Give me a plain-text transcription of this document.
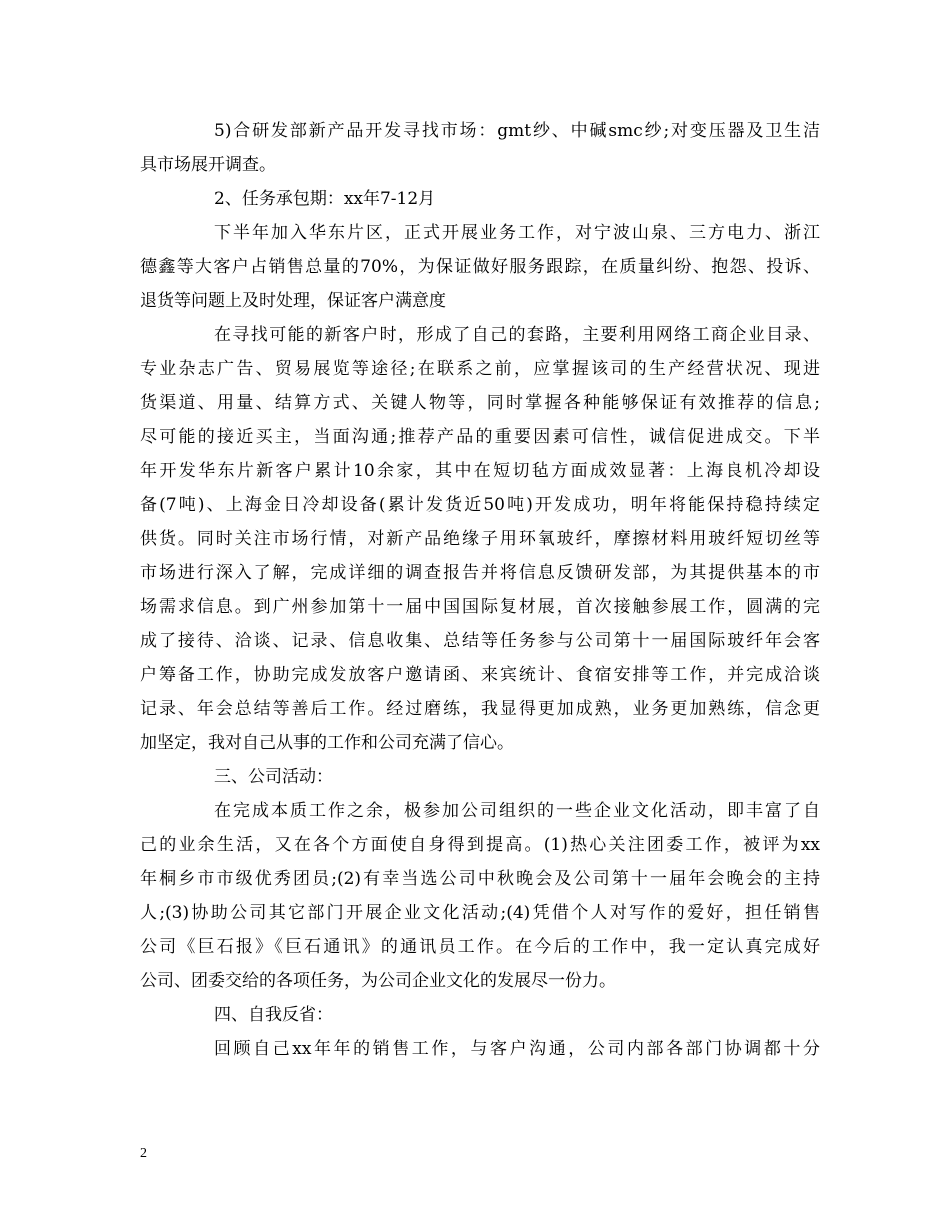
5)合研发部新产品开发寻找市场：gmt纱、中碱smc纱;对变压器及卫生洁
具市场展开调查。
2、任务承包期：xx年7-12月
下半年加入华东片区，正式开展业务工作，对宁波山泉、三方电力、浙江
德鑫等大客户占销售总量的70%，为保证做好服务跟踪，在质量纠纷、抱怨、投诉、
退货等问题上及时处理，保证客户满意度
在寻找可能的新客户时，形成了自己的套路，主要利用网络工商企业目录、
专业杂志广告、贸易展览等途径;在联系之前，应掌握该司的生产经营状况、现进
货渠道、用量、结算方式、关键人物等，同时掌握各种能够保证有效推荐的信息;
尽可能的接近买主，当面沟通;推荐产品的重要因素可信性，诚信促进成交。下半
年开发华东片新客户累计10余家，其中在短切毡方面成效显著：上海良机冷却设
备(7吨)、上海金日冷却设备(累计发货近50吨)开发成功，明年将能保持稳持续定
供货。同时关注市场行情，对新产品绝缘子用环氧玻纤，摩擦材料用玻纤短切丝等
市场进行深入了解，完成详细的调查报告并将信息反馈研发部，为其提供基本的市
场需求信息。到广州参加第十一届中国国际复材展，首次接触参展工作，圆满的完
成了接待、洽谈、记录、信息收集、总结等任务参与公司第十一届国际玻纤年会客
户筹备工作，协助完成发放客户邀请函、来宾统计、食宿安排等工作，并完成洽谈
记录、年会总结等善后工作。经过磨练，我显得更加成熟，业务更加熟练，信念更
加坚定，我对自己从事的工作和公司充满了信心。
三、公司活动：
在完成本质工作之余，极参加公司组织的一些企业文化活动，即丰富了自
己的业余生活，又在各个方面使自身得到提高。(1)热心关注团委工作，被评为xx
年桐乡市市级优秀团员;(2)有幸当选公司中秋晚会及公司第十一届年会晚会的主持
人;(3)协助公司其它部门开展企业文化活动;(4)凭借个人对写作的爱好，担任销售
公司《巨石报》《巨石通讯》的通讯员工作。在今后的工作中，我一定认真完成好
公司、团委交给的各项任务，为公司企业文化的发展尽一份力。
四、自我反省：
回顾自己xx年年的销售工作，与客户沟通，公司内部各部门协调都十分
2
